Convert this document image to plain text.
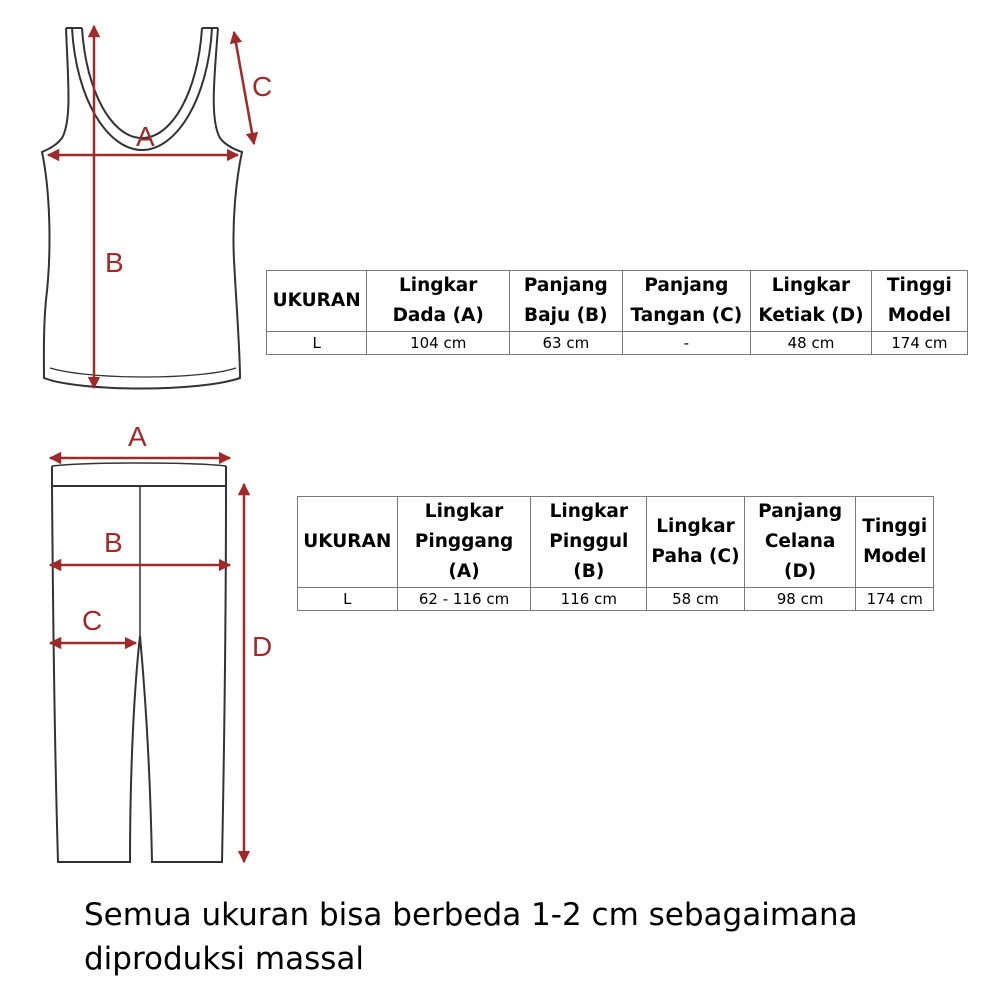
A
B
C
A
B
C
D
UKURAN	Lingkar Dada (A)	Panjang Baju (B)	Panjang Tangan (C)	Lingkar Ketiak (D)	Tinggi Model
L	104 cm	63 cm	-	48 cm	174 cm
UKURAN	Lingkar Pinggang (A)	Lingkar Pinggul (B)	Lingkar Paha (C)	Panjang Celana (D)	Tinggi Model
L	62 - 116 cm	116 cm	58 cm	98 cm	174 cm
Semua ukuran bisa berbeda 1-2 cm sebagaimana diproduksi massal
